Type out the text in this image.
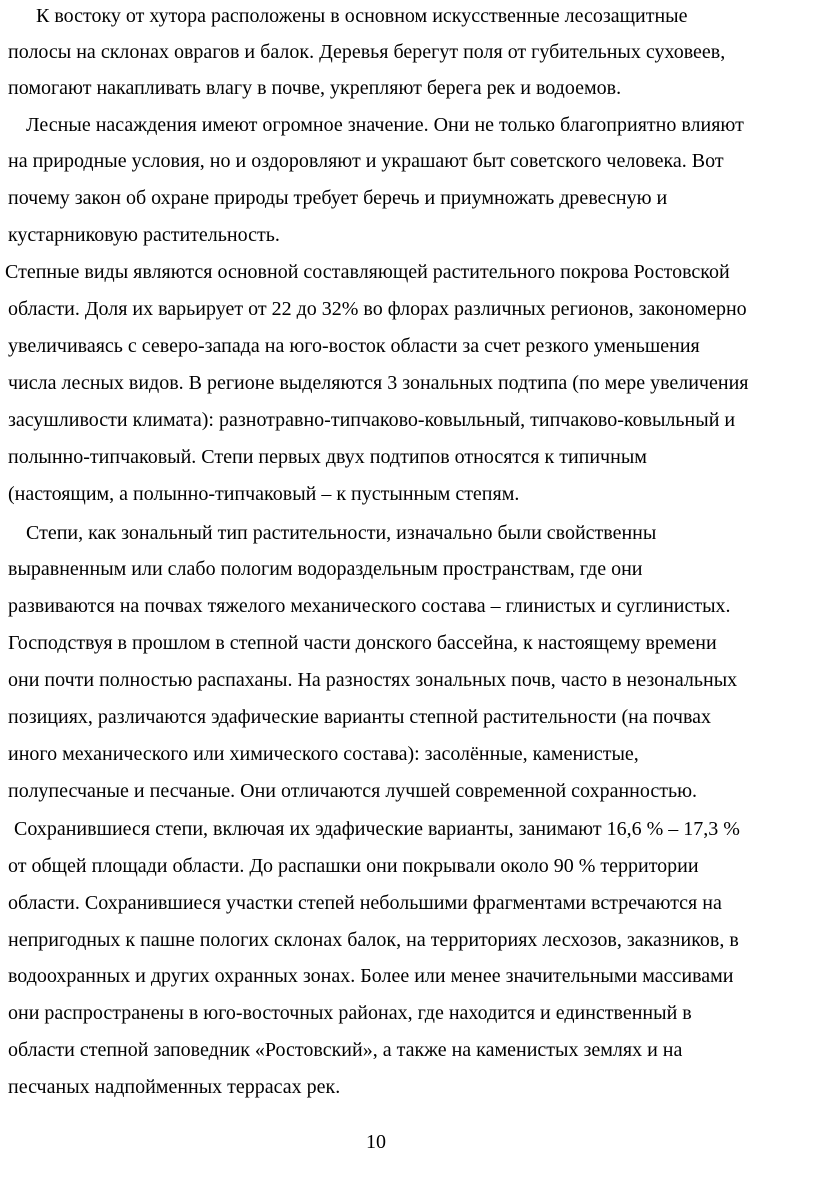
К востоку от хутора расположены в основном искусственные лесозащитные
полосы на склонах оврагов и балок. Деревья берегут поля от губительных суховеев,
помогают накапливать влагу в почве, укрепляют берега рек и водоемов.
Лесные насаждения имеют огромное значение. Они не только благоприятно влияют
на природные условия, но и оздоровляют и украшают быт советского человека. Вот
почему закон об охране природы требует беречь и приумножать древесную и
кустарниковую растительность.
Степные виды являются основной составляющей растительного покрова Ростовской
области. Доля их варьирует от 22 до 32% во флорах различных регионов, закономерно
увеличиваясь с северо-запада на юго-восток области за счет резкого уменьшения
числа лесных видов. В регионе выделяются 3 зональных подтипа (по мере увеличения
засушливости климата): разнотравно-типчаково-ковыльный, типчаково-ковыльный и
полынно-типчаковый. Степи первых двух подтипов относятся к типичным
(настоящим, а полынно-типчаковый – к пустынным степям.
Степи, как зональный тип растительности, изначально были свойственны
выравненным или слабо пологим водораздельным пространствам, где они
развиваются на почвах тяжелого механического состава – глинистых и суглинистых.
Господствуя в прошлом в степной части донского бассейна, к настоящему времени
они почти полностью распаханы. На разностях зональных почв, часто в незональных
позициях, различаются эдафические варианты степной растительности (на почвах
иного механического или химического состава): засолённые, каменистые,
полупесчаные и песчаные. Они отличаются лучшей современной сохранностью.
Сохранившиеся степи, включая их эдафические варианты, занимают 16,6 % – 17,3 %
от общей площади области. До распашки они покрывали около 90 % территории
области. Сохранившиеся участки степей небольшими фрагментами встречаются на
непригодных к пашне пологих склонах балок, на территориях лесхозов, заказников, в
водоохранных и других охранных зонах. Более или менее значительными массивами
они распространены в юго-восточных районах, где находится и единственный в
области степной заповедник «Ростовский», а также на каменистых землях и на
песчаных надпойменных террасах рек.
10
